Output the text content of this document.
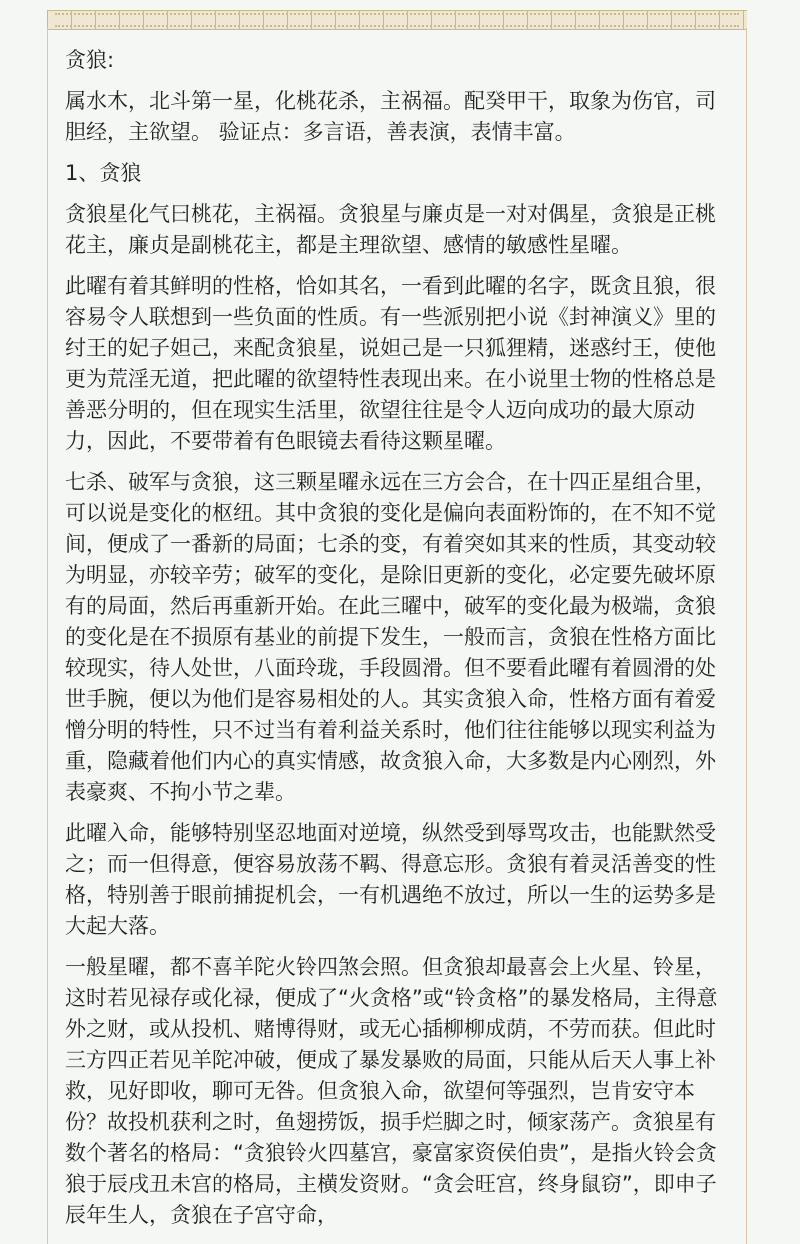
贪狼:

属水木，北斗第一星，化桃花杀，主祸福。配癸甲干，取象为伤官，司胆经，主欲望。 验证点：多言语，善表演，表情丰富。

1、贪狼

贪狼星化气曰桃花，主祸福。贪狼星与廉贞是一对对偶星，贪狼是正桃花主，廉贞是副桃花主，都是主理欲望、感情的敏感性星曜。

此曜有着其鲜明的性格，恰如其名，一看到此曜的名字，既贪且狼，很容易令人联想到一些负面的性质。有一些派别把小说《封神演义》里的纣王的妃子妲己，来配贪狼星，说妲己是一只狐狸精，迷惑纣王，使他更为荒淫无道，把此曜的欲望特性表现出来。在小说里士物的性格总是善恶分明的，但在现实生活里，欲望往往是令人迈向成功的最大原动力，因此，不要带着有色眼镜去看待这颗星曜。

七杀、破军与贪狼，这三颗星曜永远在三方会合，在十四正星组合里，可以说是变化的枢纽。其中贪狼的变化是偏向表面粉饰的，在不知不觉间，便成了一番新的局面；七杀的变，有着突如其来的性质，其变动较为明显，亦较辛劳；破军的变化，是除旧更新的变化，必定要先破坏原有的局面，然后再重新开始。在此三曜中，破军的变化最为极端，贪狼的变化是在不损原有基业的前提下发生，一般而言，贪狼在性格方面比较现实，待人处世，八面玲珑，手段圆滑。但不要看此曜有着圆滑的处世手腕，便以为他们是容易相处的人。其实贪狼入命，性格方面有着爱憎分明的特性，只不过当有着利益关系时，他们往往能够以现实利益为重，隐藏着他们内心的真实情感，故贪狼入命，大多数是内心刚烈，外表豪爽、不拘小节之辈。

此曜入命，能够特别坚忍地面对逆境，纵然受到辱骂攻击，也能默然受之；而一但得意，便容易放荡不羁、得意忘形。贪狼有着灵活善变的性格，特别善于眼前捕捉机会，一有机遇绝不放过，所以一生的运势多是大起大落。

一般星曜，都不喜羊陀火铃四煞会照。但贪狼却最喜会上火星、铃星，这时若见禄存或化禄，便成了“火贪格”或“铃贪格”的暴发格局，主得意外之财，或从投机、赌博得财，或无心插柳柳成荫，不劳而获。但此时三方四正若见羊陀冲破，便成了暴发暴败的局面，只能从后天人事上补救，见好即收，聊可无咎。但贪狼入命，欲望何等强烈，岂肯安守本份？故投机获利之时，鱼翅捞饭，损手烂脚之时，倾家荡产。贪狼星有数个著名的格局：“贪狼铃火四墓宫，豪富家资侯伯贵”，是指火铃会贪狼于辰戌丑未宫的格局，主横发资财。“贪会旺宫，终身鼠窃”，即申子辰年生人，贪狼在子宫守命，
